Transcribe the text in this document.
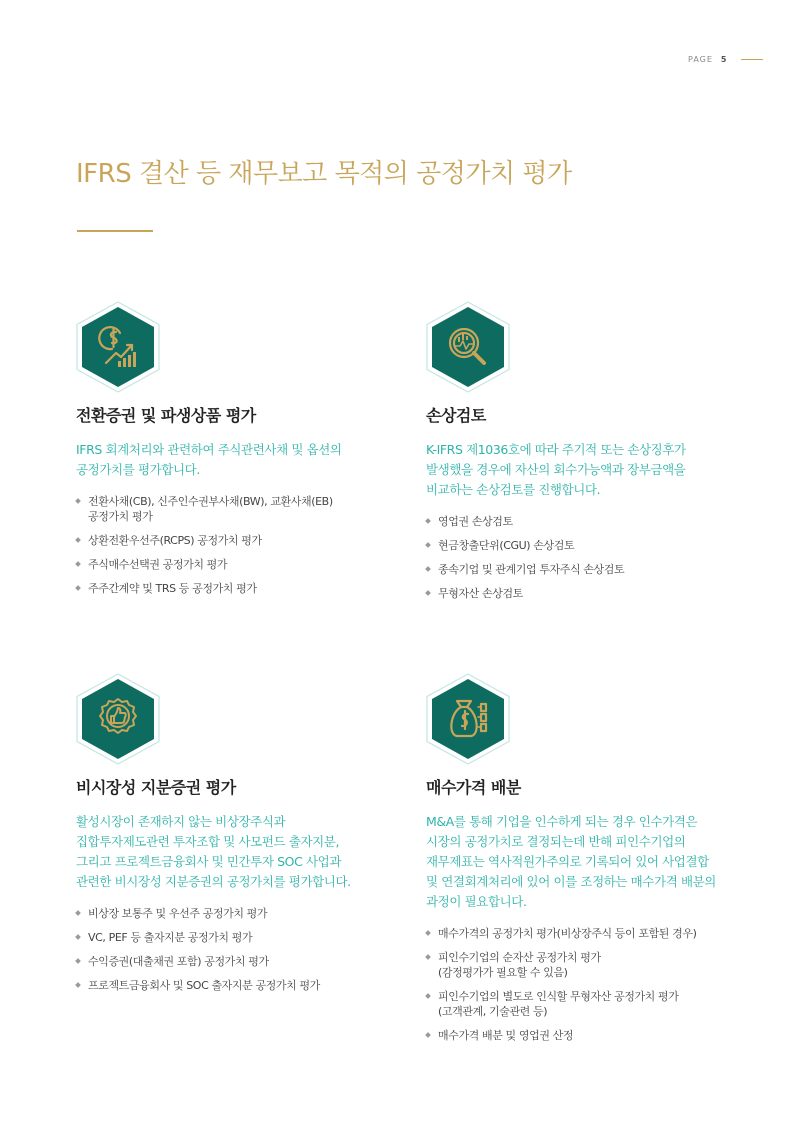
PAGE 5
IFRS 결산 등 재무보고 목적의 공정가치 평가
전환증권 및 파생상품 평가

IFRS 회계처리와 관련하여 주식관련사채 및 옵션의

공정가치를 평가합니다.

전환사채(CB), 신주인수권부사채(BW), 교환사채(EB)
공정가치 평가
상환전환우선주(RCPS) 공정가치 평가
주식매수선택권 공정가치 평가
주주간계약 및 TRS 등 공정가치 평가
손상검토

K-IFRS 제1036호에 따라 주기적 또는 손상징후가

발생했을 경우에 자산의 회수가능액과 장부금액을

비교하는 손상검토를 진행합니다.

영업권 손상검토
현금창출단위(CGU) 손상검토
종속기업 및 관계기업 투자주식 손상검토
무형자산 손상검토
비시장성 지분증권 평가

활성시장이 존재하지 않는 비상장주식과

집합투자제도관련 투자조합 및 사모펀드 출자지분,

그리고 프로젝트금융회사 및 민간투자 SOC 사업과

관련한 비시장성 지분증권의 공정가치를 평가합니다.

비상장 보통주 및 우선주 공정가치 평가
VC, PEF 등 출자지분 공정가치 평가
수익증권(대출채권 포함) 공정가치 평가
프로젝트금융회사 및 SOC 출자지분 공정가치 평가
매수가격 배분

M&A를 통해 기업을 인수하게 되는 경우 인수가격은

시장의 공정가치로 결정되는데 반해 피인수기업의

재무제표는 역사적원가주의로 기록되어 있어 사업결합

및 연결회계처리에 있어 이를 조정하는 매수가격 배분의

과정이 필요합니다.

매수가격의 공정가치 평가(비상장주식 등이 포함된 경우)
피인수기업의 순자산 공정가치 평가
(감정평가가 필요할 수 있음)
피인수기업의 별도로 인식할 무형자산 공정가치 평가
(고객관계, 기술관련 등)
매수가격 배분 및 영업권 산정
